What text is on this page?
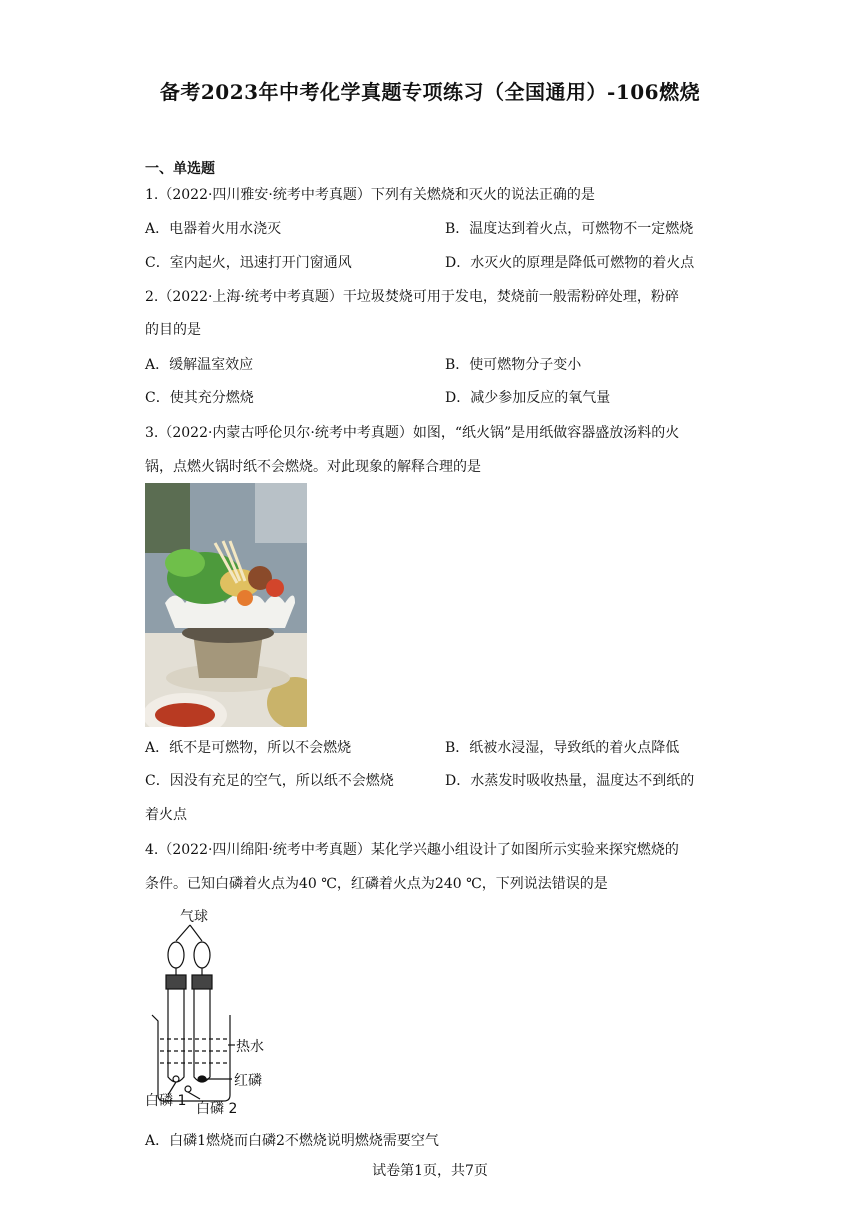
备考2023年中考化学真题专项练习（全国通用）-106燃烧
一、单选题
1.（2022·四川雅安·统考中考真题）下列有关燃烧和灭火的说法正确的是
A．电器着火用水浇灭	B．温度达到着火点，可燃物不一定燃烧
C．室内起火，迅速打开门窗通风	D．水灭火的原理是降低可燃物的着火点
2.（2022·上海·统考中考真题）干垃圾焚烧可用于发电，焚烧前一般需粉碎处理，粉碎
的目的是
A．缓解温室效应	B．使可燃物分子变小
C．使其充分燃烧	D．减少参加反应的氧气量
3.（2022·内蒙古呼伦贝尔·统考中考真题）如图，“纸火锅”是用纸做容器盛放汤料的火
锅，点燃火锅时纸不会燃烧。对此现象的解释合理的是
A．纸不是可燃物，所以不会燃烧	B．纸被水浸湿，导致纸的着火点降低
C．因没有充足的空气，所以纸不会燃烧	D．水蒸发时吸收热量，温度达不到纸的
着火点
4.（2022·四川绵阳·统考中考真题）某化学兴趣小组设计了如图所示实验来探究燃烧的
条件。已知白磷着火点为40 ℃，红磷着火点为240 ℃，下列说法错误的是
气球
热水
红磷
白磷 1 白磷 2
A．白磷1燃烧而白磷2不燃烧说明燃烧需要空气
试卷第1页，共7页
